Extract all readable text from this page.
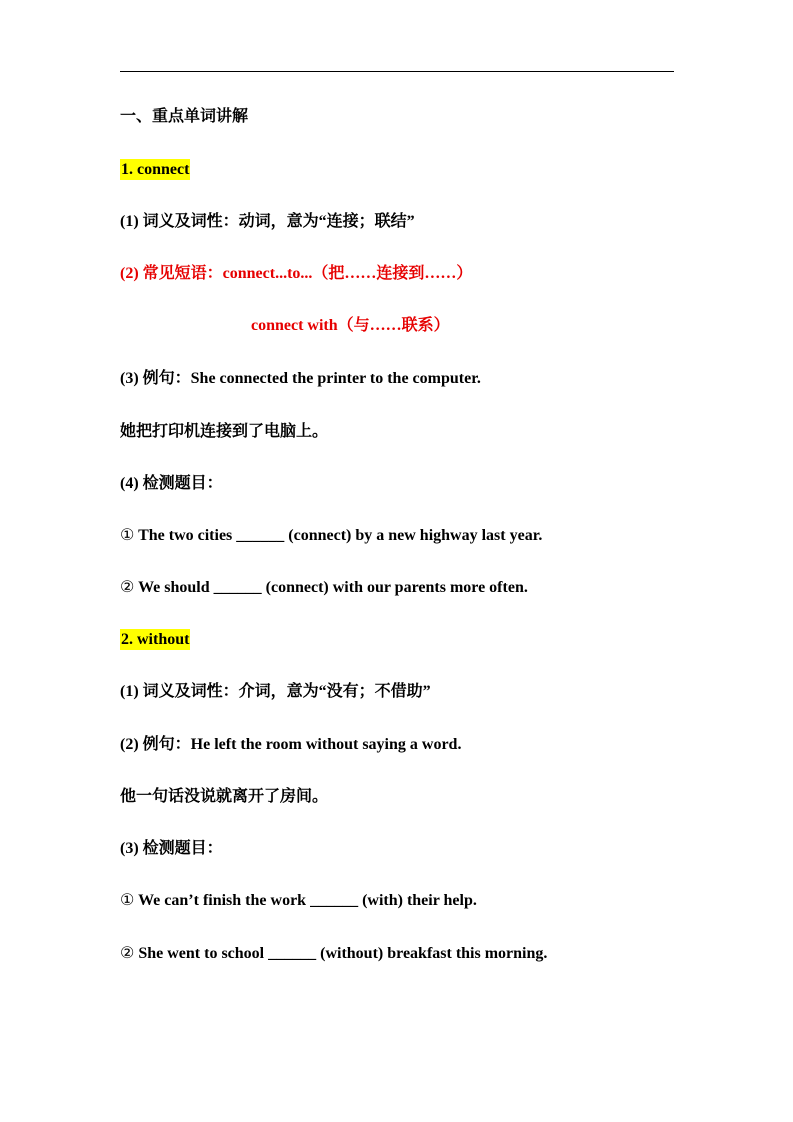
一、重点单词讲解
1. connect
(1) 词义及词性：动词，意为“连接；联结”
(2) 常见短语：connect...to...（把……连接到……）
connect with（与……联系）
(3) 例句：She connected the printer to the computer.
她把打印机连接到了电脑上。
(4) 检测题目：
① The two cities ______ (connect) by a new highway last year.
② We should ______ (connect) with our parents more often.
2. without
(1) 词义及词性：介词，意为“没有；不借助”
(2) 例句：He left the room without saying a word.
他一句话没说就离开了房间。
(3) 检测题目：
① We can’t finish the work ______ (with) their help.
② She went to school ______ (without) breakfast this morning.
